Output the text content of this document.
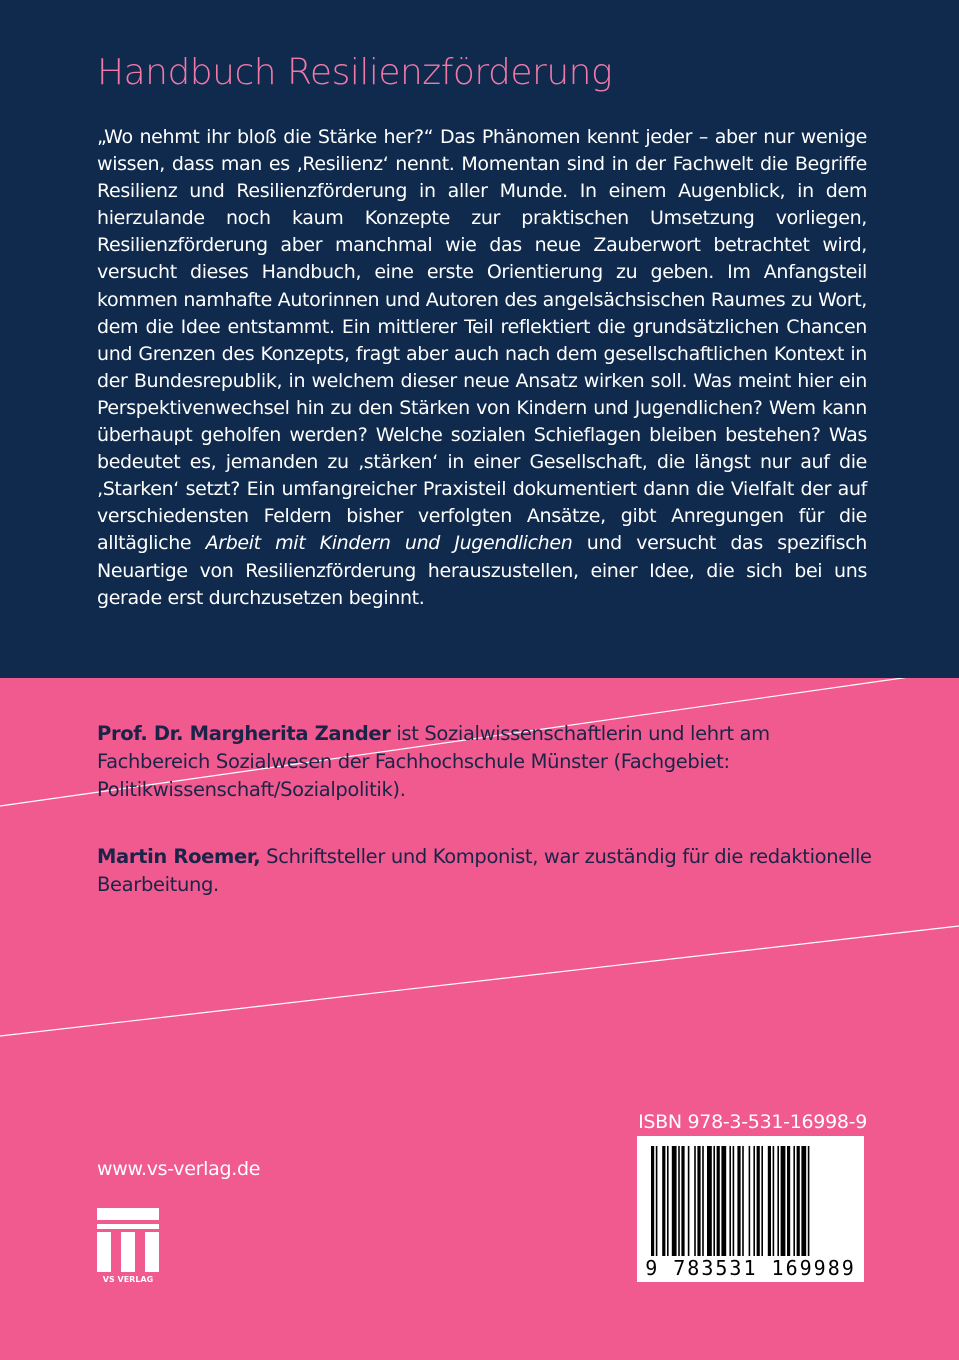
Handbuch Resilienzförderung
„Wo nehmt ihr bloß die Stärke her?“ Das Phänomen kennt jeder – aber nur wenige wissen, dass man es ‚Resilienz‘ nennt. Momentan sind in der Fachwelt die Begriffe Resilienz und Resilienzförderung in aller Munde. In einem Augenblick, in dem hierzulande noch kaum Konzepte zur praktischen Umsetzung vorliegen, Resilienzförderung aber manchmal wie das neue Zauberwort betrachtet wird, versucht dieses Handbuch, eine erste Orientierung zu geben. Im Anfangsteil kommen namhafte Autorinnen und Autoren des angelsächsischen Raumes zu Wort, dem die Idee entstammt. Ein mittlerer Teil reflektiert die grundsätzlichen Chancen und Grenzen des Konzepts, fragt aber auch nach dem gesellschaftlichen Kontext in der Bundesrepublik, in welchem dieser neue Ansatz wirken soll. Was meint hier ein Perspektivenwechsel hin zu den Stärken von Kindern und Jugendlichen? Wem kann überhaupt geholfen werden? Welche sozialen Schieflagen bleiben bestehen? Was bedeutet es, jemanden zu ‚stärken‘ in einer Gesellschaft, die längst nur auf die ‚Starken‘ setzt? Ein umfangreicher Praxisteil dokumentiert dann die Vielfalt der auf verschiedensten Feldern bisher verfolgten Ansätze, gibt Anregungen für die alltägliche Arbeit mit Kindern und Jugendlichen und versucht das spezifisch Neuartige von Resilienzförderung herauszustellen, einer Idee, die sich bei uns gerade erst durchzusetzen beginnt.
Prof. Dr. Margherita Zander ist Sozialwissenschaftlerin und lehrt am Fachbereich Sozialwesen der Fachhochschule Münster (Fachgebiet: Politikwissenschaft/Sozialpolitik).
Martin Roemer, Schriftsteller und Komponist, war zuständig für die redaktionelle Bearbeitung.
www.vs-verlag.de
VS VERLAG
ISBN 978-3-531-16998-9
9 783531 169989
